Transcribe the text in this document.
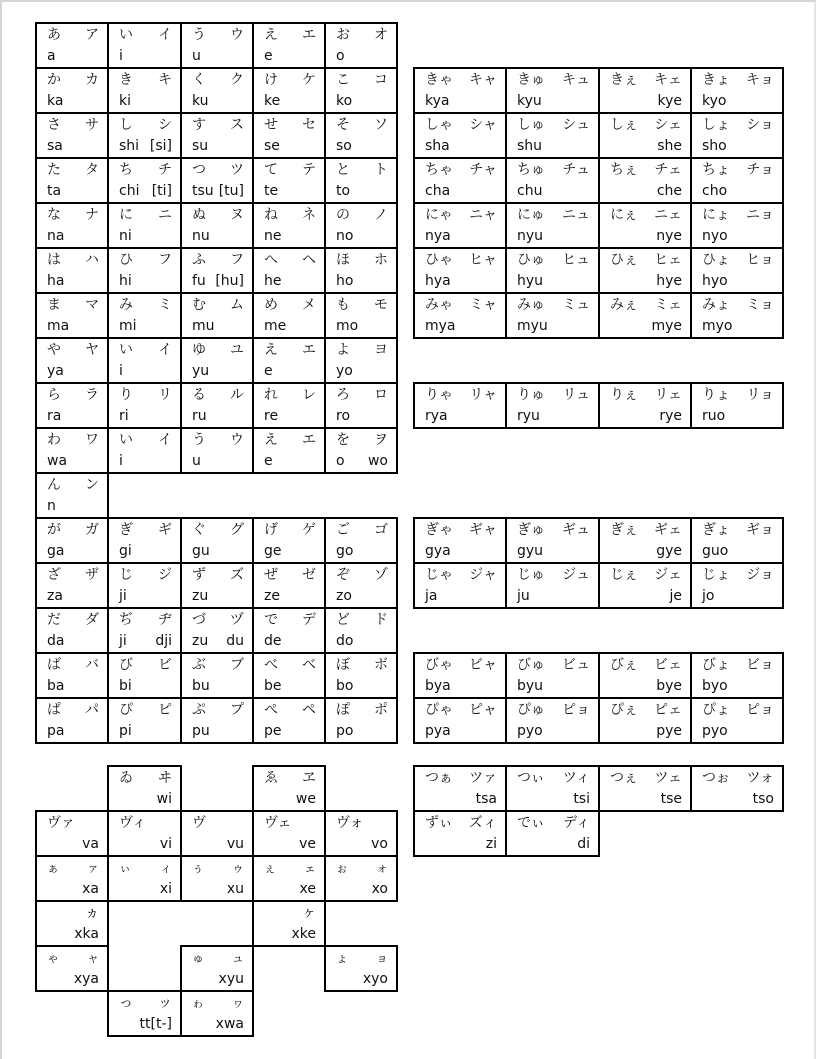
あ ア
a
い イ
i
う ウ
u
え エ
e
お オ
o
か カ
ka
き キ
ki
く ク
ku
け ケ
ke
こ コ
ko
さ サ
sa
し シ
shi [si]
す ス
su
せ セ
se
そ ソ
so
た タ
ta
ち チ
chi [ti]
つ ツ
tsu [tu]
て テ
te
と ト
to
な ナ
na
に ニ
ni
ぬ ヌ
nu
ね ネ
ne
の ノ
no
は ハ
ha
ひ フ
hi
ふ フ
fu [hu]
へ ヘ
he
ほ ホ
ho
ま マ
ma
み ミ
mi
む ム
mu
め メ
me
も モ
mo
や ヤ
ya
い イ
i
ゆ ユ
yu
え エ
e
よ ヨ
yo
ら ラ
ra
り リ
ri
る ル
ru
れ レ
re
ろ ロ
ro
わ ワ
wa
い イ
i
う ウ
u
え エ
e
を ヲ
o wo
ん ン
n
が ガ
ga
ぎ ギ
gi
ぐ グ
gu
げ ゲ
ge
ご ゴ
go
ざ ザ
za
じ ジ
ji
ず ズ
zu
ぜ ゼ
ze
ぞ ゾ
zo
だ ダ
da
ぢ ヂ
ji dji
づ ヅ
zu du
で デ
de
ど ド
do
ば バ
ba
び ビ
bi
ぶ ブ
bu
べ ベ
be
ぼ ボ
bo
ぱ パ
pa
ぴ ピ
pi
ぷ プ
pu
ぺ ペ
pe
ぽ ポ
po
きゃ キャ
kya
きゅ キュ
kyu
きぇ キェ
kye
きょ キョ
kyo
しゃ シャ
sha
しゅ シュ
shu
しぇ シェ
she
しょ ショ
sho
ちゃ チャ
cha
ちゅ チュ
chu
ちぇ チェ
che
ちょ チョ
cho
にゃ ニャ
nya
にゅ ニュ
nyu
にぇ ニェ
nye
にょ ニョ
nyo
ひゃ ヒャ
hya
ひゅ ヒュ
hyu
ひぇ ヒェ
hye
ひょ ヒョ
hyo
みゃ ミャ
mya
みゅ ミュ
myu
みぇ ミェ
mye
みょ ミョ
myo
りゃ リャ
rya
りゅ リュ
ryu
りぇ リェ
rye
りょ リョ
ruo
ぎゃ ギャ
gya
ぎゅ ギュ
gyu
ぎぇ ギェ
gye
ぎょ ギョ
guo
じゃ ジャ
ja
じゅ ジュ
ju
じぇ ジェ
je
じょ ジョ
jo
びゃ ビャ
bya
びゅ ビュ
byu
びぇ ビェ
bye
びょ ビョ
byo
ぴゃ ピャ
pya
ぴゅ ピョ
pyo
ぴぇ ピェ
pye
ぴょ ピョ
pyo
つぁ ツァ
tsa
つぃ ツィ
tsi
つぇ ツェ
tse
つぉ ツォ
tso
ずぃ ズィ
zi
でぃ ディ
di
ゐ ヰ
wi
ゑ ヱ
we
ヴァ
va
ヴィ
vi
ヴ
vu
ヴェ
ve
ヴォ
vo
ぁ ァ
xa
ぃ ィ
xi
ぅ ゥ
xu
ぇ ェ
xe
ぉ ォ
xo
ヵ
xka
ヶ
xke
ゃ ャ
xya
ゅ ュ
xyu
ょ ョ
xyo
っ ッ
tt[t-]
ゎ ヮ
xwa
